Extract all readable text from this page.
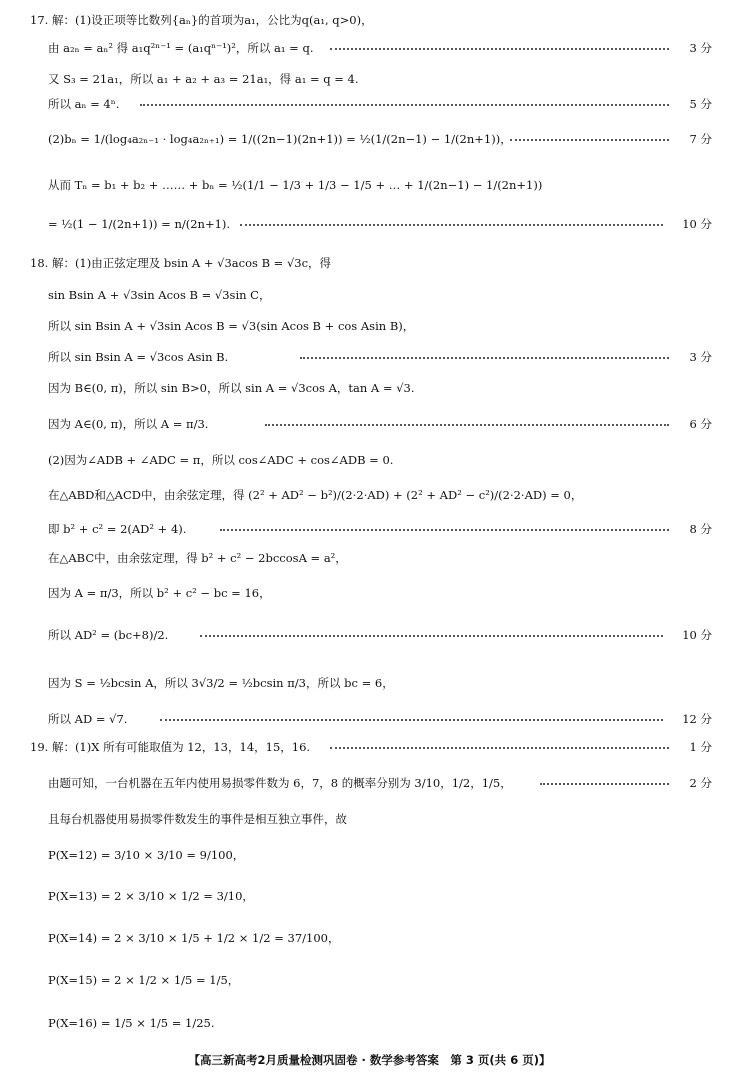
17. 解：(1)设正项等比数列{aₙ}的首项为a₁，公比为q(a₁, q>0)，
由 a₂ₙ = aₙ² 得 a₁q²ⁿ⁻¹ = (a₁qⁿ⁻¹)²，所以 a₁ = q.	3 分
又 S₃ = 21a₁，所以 a₁ + a₂ + a₃ = 21a₁，得 a₁ = q = 4.
所以 aₙ = 4ⁿ.	5 分
(2)bₙ = 1/(log₄a₂ₙ₋₁ · log₄a₂ₙ₊₁) = 1/((2n−1)(2n+1)) = ½(1/(2n−1) − 1/(2n+1))，	7 分
从而 Tₙ = b₁ + b₂ + …… + bₙ = ½(1/1 − 1/3 + 1/3 − 1/5 + … + 1/(2n−1) − 1/(2n+1))
= ½(1 − 1/(2n+1)) = n/(2n+1).	10 分
18. 解：(1)由正弦定理及 bsin A + √3acos B = √3c，得
sin Bsin A + √3sin Acos B = √3sin C，
所以 sin Bsin A + √3sin Acos B = √3(sin Acos B + cos Asin B)，
所以 sin Bsin A = √3cos Asin B.	3 分
因为 B∈(0, π)，所以 sin B>0，所以 sin A = √3cos A，tan A = √3.
因为 A∈(0, π)，所以 A = π/3.	6 分
(2)因为∠ADB + ∠ADC = π，所以 cos∠ADC + cos∠ADB = 0.
在△ABD和△ACD中，由余弦定理，得 (2² + AD² − b²)/(2·2·AD) + (2² + AD² − c²)/(2·2·AD) = 0，
即 b² + c² = 2(AD² + 4).	8 分
在△ABC中，由余弦定理，得 b² + c² − 2bccosA = a²，
因为 A = π/3，所以 b² + c² − bc = 16，
所以 AD² = (bc+8)/2.	10 分
因为 S = ½bcsin A，所以 3√3/2 = ½bcsin π/3，所以 bc = 6，
所以 AD = √7.	12 分
19. 解：(1)X 所有可能取值为 12，13，14，15，16.	1 分
由题可知，一台机器在五年内使用易损零件数为 6，7，8 的概率分别为 3/10，1/2，1/5，	2 分
且每台机器使用易损零件数发生的事件是相互独立事件，故
P(X=12) = 3/10 × 3/10 = 9/100，
P(X=13) = 2 × 3/10 × 1/2 = 3/10，
P(X=14) = 2 × 3/10 × 1/5 + 1/2 × 1/2 = 37/100，
P(X=15) = 2 × 1/2 × 1/5 = 1/5，
P(X=16) = 1/5 × 1/5 = 1/25.
【高三新高考2月质量检测巩固卷 · 数学参考答案　第 3 页(共 6 页)】
